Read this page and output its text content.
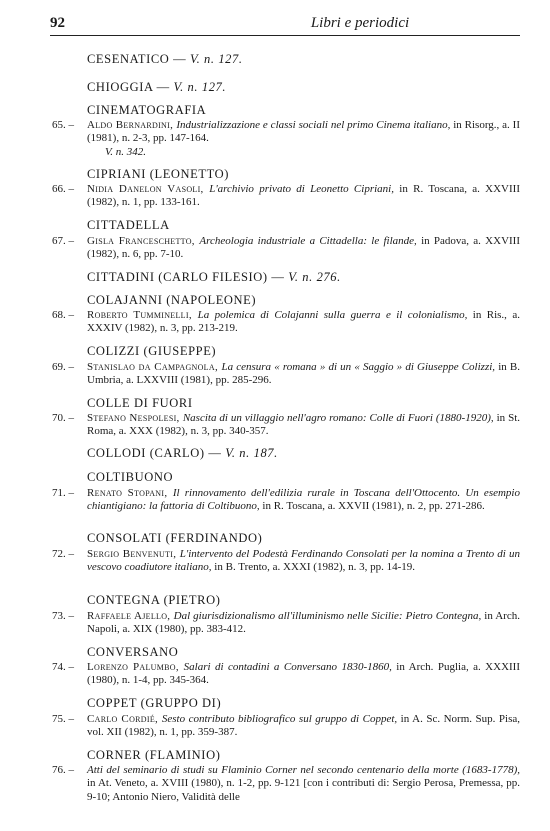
92	Libri e periodici
CESENATICO — V. n. 127.
CHIOGGIA — V. n. 127.
CINEMATOGRAFIA
65. – Aldo Bernardini, Industrializzazione e classi sociali nel primo Cinema italiano, in Risorg., a. II (1981), n. 2-3, pp. 147-164.
V. n. 342.
CIPRIANI (LEONETTO)
66. – Nidia Danelon Vasoli, L'archivio privato di Leonetto Cipriani, in R. Toscana, a. XXVIII (1982), n. 1, pp. 133-161.
CITTADELLA
67. – Gisla Franceschetto, Archeologia industriale a Cittadella: le filande, in Padova, a. XXVIII (1982), n. 6, pp. 7-10.
CITTADINI (CARLO FILESIO) — V. n. 276.
COLAJANNI (NAPOLEONE)
68. – Roberto Tumminelli, La polemica di Colajanni sulla guerra e il colonialismo, in Ris., a. XXXIV (1982), n. 3, pp. 213-219.
COLIZZI (GIUSEPPE)
69. – Stanislao da Campagnola, La censura « romana » di un « Saggio » di Giuseppe Colizzi, in B. Umbria, a. LXXVIII (1981), pp. 285-296.
COLLE DI FUORI
70. – Stefano Nespolesi, Nascita di un villaggio nell'agro romano: Colle di Fuori (1880-1920), in St. Roma, a. XXX (1982), n. 3, pp. 340-357.
COLLODI (CARLO) — V. n. 187.
COLTIBUONO
71. – Renato Stopani, Il rinnovamento dell'edilizia rurale in Toscana dell'Ottocento. Un esempio chiantigiano: la fattoria di Coltibuono, in R. Toscana, a. XXVII (1981), n. 2, pp. 271-286.
CONSOLATI (FERDINANDO)
72. – Sergio Benvenuti, L'intervento del Podestà Ferdinando Consolati per la nomina a Trento di un vescovo coadiutore italiano, in B. Trento, a. XXXI (1982), n. 3, pp. 14-19.
CONTEGNA (PIETRO)
73. – Raffaele Ajello, Dal giurisdizionalismo all'illuminismo nelle Sicilie: Pietro Contegna, in Arch. Napoli, a. XIX (1980), pp. 383-412.
CONVERSANO
74. – Lorenzo Palumbo, Salari di contadini a Conversano 1830-1860, in Arch. Puglia, a. XXXIII (1980), n. 1-4, pp. 345-364.
COPPET (GRUPPO DI)
75. – Carlo Cordié, Sesto contributo bibliografico sul gruppo di Coppet, in A. Sc. Norm. Sup. Pisa, vol. XII (1982), n. 1, pp. 359-387.
CORNER (FLAMINIO)
76. – Atti del seminario di studi su Flaminio Corner nel secondo centenario della morte (1683-1778), in At. Veneto, a. XVIII (1980), n. 1-2, pp. 9-121 [con i contributi di: Sergio Perosa, Premessa, pp. 9-10; Antonio Niero, Validità delle
